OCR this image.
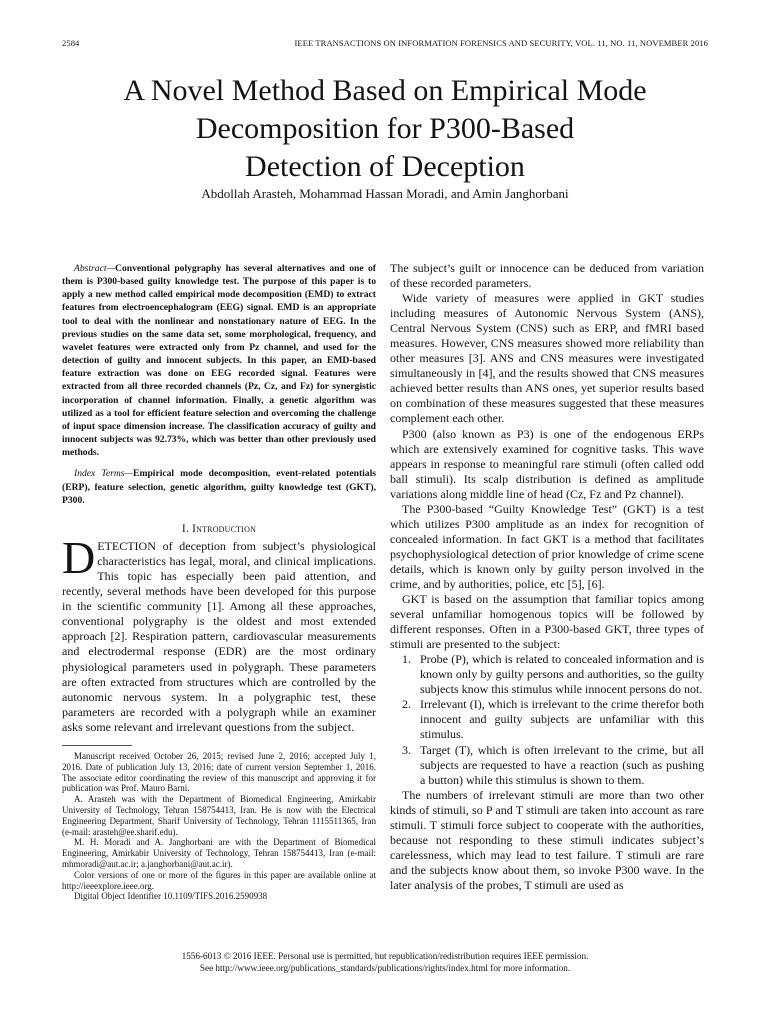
2584	IEEE TRANSACTIONS ON INFORMATION FORENSICS AND SECURITY, VOL. 11, NO. 11, NOVEMBER 2016
A Novel Method Based on Empirical Mode
Decomposition for P300-Based
Detection of Deception
Abdollah Arasteh, Mohammad Hassan Moradi, and Amin Janghorbani

Abstract—Conventional polygraphy has several alternatives and one of them is P300-based guilty knowledge test. The purpose of this paper is to apply a new method called empirical mode decomposition (EMD) to extract features from electroencephalogram (EEG) signal. EMD is an appropriate tool to deal with the nonlinear and nonstationary nature of EEG. In the previous studies on the same data set, some morphological, frequency, and wavelet features were extracted only from Pz channel, and used for the detection of guilty and innocent subjects. In this paper, an EMD-based feature extraction was done on EEG recorded signal. Features were extracted from all three recorded channels (Pz, Cz, and Fz) for synergistic incorporation of channel information. Finally, a genetic algorithm was utilized as a tool for efficient feature selection and overcoming the challenge of input space dimension increase. The classification accuracy of guilty and innocent subjects was 92.73%, which was better than other previously used methods.

Index Terms—Empirical mode decomposition, event-related potentials (ERP), feature selection, genetic algorithm, guilty knowledge test (GKT), P300.

I. Introduction

DETECTION of deception from subject’s physiological characteristics has legal, moral, and clinical implications. This topic has especially been paid attention, and recently, several methods have been developed for this purpose in the scientific community [1]. Among all these approaches, conventional polygraphy is the oldest and most extended approach [2]. Respiration pattern, cardiovascular measurements and electrodermal response (EDR) are the most ordinary physiological parameters used in polygraph. These parameters are often extracted from structures which are controlled by the autonomic nervous system. In a polygraphic test, these parameters are recorded with a polygraph while an examiner asks some relevant and irrelevant questions from the subject.

Manuscript received October 26, 2015; revised June 2, 2016; accepted July 1, 2016. Date of publication July 13, 2016; date of current version September 1, 2016. The associate editor coordinating the review of this manuscript and approving it for publication was Prof. Mauro Barni.

A. Arasteh was with the Department of Biomedical Engineering, Amirkabir University of Technology, Tehran 158754413, Iran. He is now with the Electrical Engineering Department, Sharif University of Technology, Tehran 1115511365, Iran (e-mail: arasteh@ee.sharif.edu).

M. H. Moradi and A. Janghorbani are with the Department of Biomedical Engineering, Amirkabir University of Technology, Tehran 158754413, Iran (e-mail: mhmoradi@aut.ac.ir; a.janghorbani@aut.ac.ir).

Color versions of one or more of the figures in this paper are available online at http://ieeexplore.ieee.org.

Digital Object Identifier 10.1109/TIFS.2016.2590938

The subject’s guilt or innocence can be deduced from variation of these recorded parameters.

Wide variety of measures were applied in GKT studies including measures of Autonomic Nervous System (ANS), Central Nervous System (CNS) such as ERP, and fMRI based measures. However, CNS measures showed more reliability than other measures [3]. ANS and CNS measures were investigated simultaneously in [4], and the results showed that CNS measures achieved better results than ANS ones, yet superior results based on combination of these measures suggested that these measures complement each other.

P300 (also known as P3) is one of the endogenous ERPs which are extensively examined for cognitive tasks. This wave appears in response to meaningful rare stimuli (often called odd ball stimuli). Its scalp distribution is defined as amplitude variations along middle line of head (Cz, Fz and Pz channel).

The P300-based “Guilty Knowledge Test” (GKT) is a test which utilizes P300 amplitude as an index for recognition of concealed information. In fact GKT is a method that facilitates psychophysiological detection of prior knowledge of crime scene details, which is known only by guilty person involved in the crime, and by authorities, police, etc [5], [6].

GKT is based on the assumption that familiar topics among several unfamiliar homogenous topics will be followed by different responses. Often in a P300-based GKT, three types of stimuli are presented to the subject:

1. Probe (P), which is related to concealed information and is known only by guilty persons and authorities, so the guilty subjects know this stimulus while innocent persons do not.
2. Irrelevant (I), which is irrelevant to the crime therefor both innocent and guilty subjects are unfamiliar with this stimulus.
3. Target (T), which is often irrelevant to the crime, but all subjects are requested to have a reaction (such as pushing a button) while this stimulus is shown to them.

The numbers of irrelevant stimuli are more than two other kinds of stimuli, so P and T stimuli are taken into account as rare stimuli. T stimuli force subject to cooperate with the authorities, because not responding to these stimuli indicates subject’s carelessness, which may lead to test failure. T stimuli are rare and the subjects know about them, so invoke P300 wave. In the later analysis of the probes, T stimuli are used as

1556-6013 © 2016 IEEE. Personal use is permitted, but republication/redistribution requires IEEE permission.
See http://www.ieee.org/publications_standards/publications/rights/index.html for more information.
